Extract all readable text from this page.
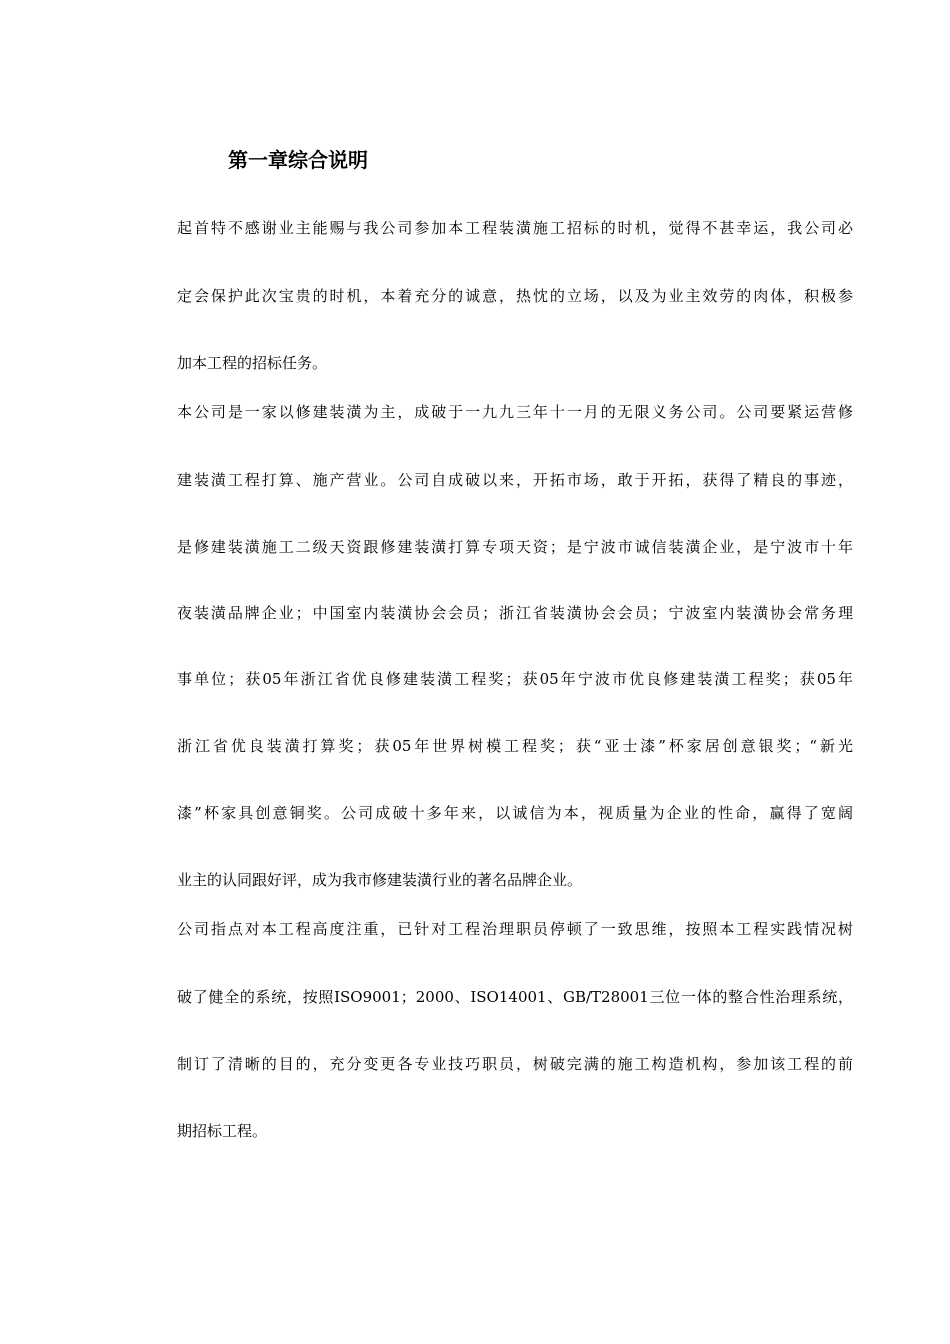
第一章综合说明
起首特不感谢业主能赐与我公司参加本工程装潢施工招标的时机，觉得不甚幸运，我公司必
定会保护此次宝贵的时机，本着充分的诚意，热忱的立场，以及为业主效劳的肉体，积极参
加本工程的招标任务。
本公司是一家以修建装潢为主，成破于一九九三年十一月的无限义务公司。公司要紧运营修
建装潢工程打算、施产营业。公司自成破以来，开拓市场，敢于开拓，获得了精良的事迹，
是修建装潢施工二级天资跟修建装潢打算专项天资；是宁波市诚信装潢企业，是宁波市十年
夜装潢品牌企业；中国室内装潢协会会员；浙江省装潢协会会员；宁波室内装潢协会常务理
事单位；获05年浙江省优良修建装潢工程奖；获05年宁波市优良修建装潢工程奖；获05年
浙江省优良装潢打算奖；获05年世界树模工程奖；获“亚士漆”杯家居创意银奖；“新光
漆”杯家具创意铜奖。公司成破十多年来，以诚信为本，视质量为企业的性命，赢得了宽阔
业主的认同跟好评，成为我市修建装潢行业的著名品牌企业。
公司指点对本工程高度注重，已针对工程治理职员停顿了一致思维，按照本工程实践情况树
破了健全的系统，按照ISO9001；2000、ISO14001、GB/T28001三位一体的整合性治理系统，
制订了清晰的目的，充分变更各专业技巧职员，树破完满的施工构造机构，参加该工程的前
期招标工程。
